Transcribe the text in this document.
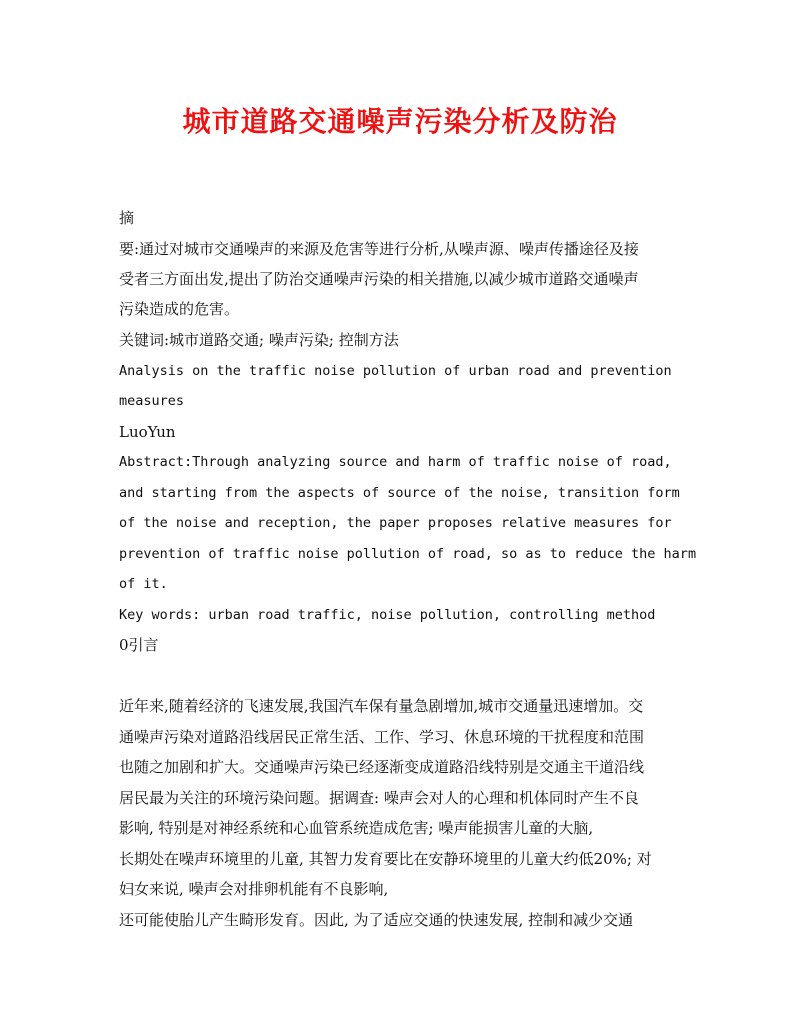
城市道路交通噪声污染分析及防治
摘
要:通过对城市交通噪声的来源及危害等进行分析,从噪声源、噪声传播途径及接
受者三方面出发,提出了防治交通噪声污染的相关措施,以减少城市道路交通噪声
污染造成的危害。
关键词:城市道路交通; 噪声污染; 控制方法
Analysis on the traffic noise pollution of urban road and prevention
measures
LuoYun
Abstract:Through analyzing source and harm of traffic noise of road,
and starting from the aspects of source of the noise, transition form
of the noise and reception, the paper proposes relative measures for
prevention of traffic noise pollution of road, so as to reduce the harm
of it.
Key words: urban road traffic, noise pollution, controlling method
0引言
近年来,随着经济的飞速发展,我国汽车保有量急剧增加,城市交通量迅速增加。交
通噪声污染对道路沿线居民正常生活、工作、学习、休息环境的干扰程度和范围
也随之加剧和扩大。交通噪声污染已经逐渐变成道路沿线特别是交通主干道沿线
居民最为关注的环境污染问题。据调查: 噪声会对人的心理和机体同时产生不良
影响, 特别是对神经系统和心血管系统造成危害; 噪声能损害儿童的大脑,
长期处在噪声环境里的儿童, 其智力发育要比在安静环境里的儿童大约低20%; 对
妇女来说, 噪声会对排卵机能有不良影响,
还可能使胎儿产生畸形发育。因此, 为了适应交通的快速发展, 控制和减少交通
